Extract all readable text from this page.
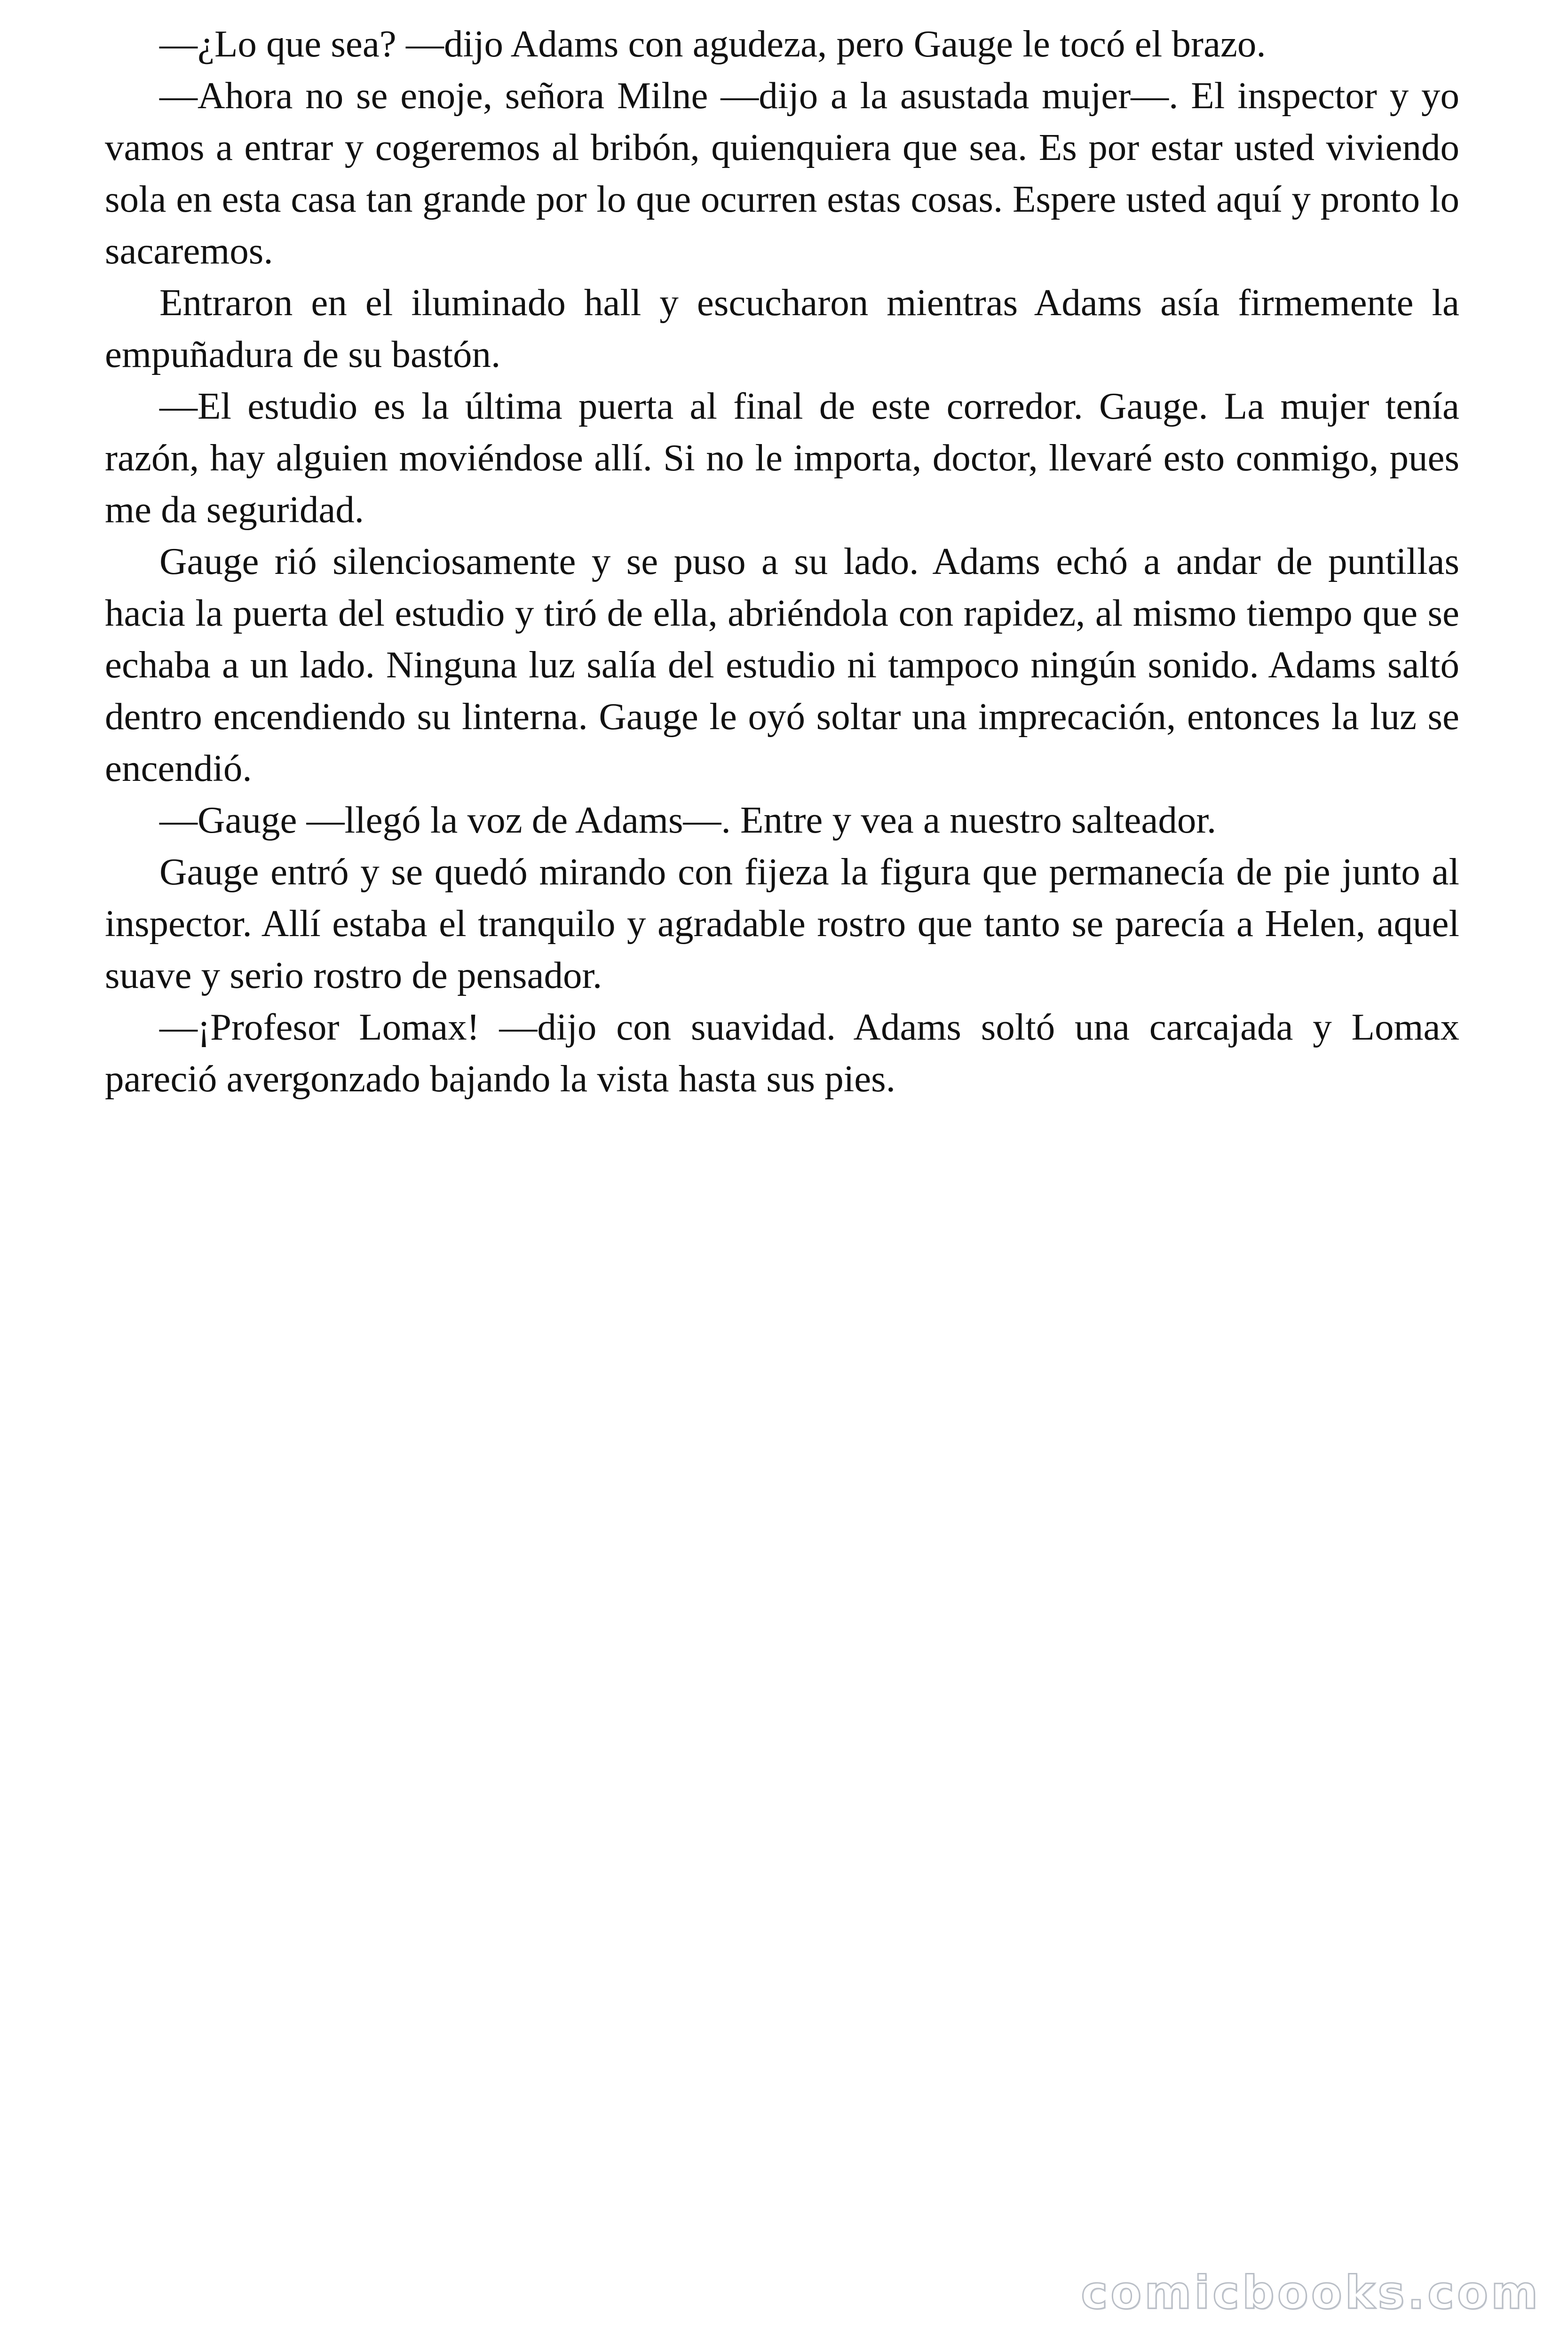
—¿Lo que sea? —dijo Adams con agudeza, pero Gauge le tocó el brazo.

—Ahora no se enoje, señora Milne —dijo a la asustada mujer—. El inspector y yo vamos a entrar y cogeremos al bribón, quienquiera que sea. Es por estar usted viviendo sola en esta casa tan grande por lo que ocurren estas cosas. Espere usted aquí y pronto lo sacaremos.

Entraron en el iluminado hall y escucharon mientras Adams asía firmemente la empuñadura de su bastón.

—El estudio es la última puerta al final de este corredor. Gauge. La mujer tenía razón, hay alguien moviéndose allí. Si no le importa, doctor, llevaré esto conmigo, pues me da seguridad.

Gauge rió silenciosamente y se puso a su lado. Adams echó a andar de puntillas hacia la puerta del estudio y tiró de ella, abriéndola con rapidez, al mismo tiempo que se echaba a un lado. Ninguna luz salía del estudio ni tampoco ningún sonido. Adams saltó dentro encendiendo su linterna. Gauge le oyó soltar una imprecación, entonces la luz se encendió.

—Gauge —llegó la voz de Adams—. Entre y vea a nuestro salteador.

Gauge entró y se quedó mirando con fijeza la figura que permanecía de pie junto al inspector. Allí estaba el tranquilo y agradable rostro que tanto se parecía a Helen, aquel suave y serio rostro de pensador.

—¡Profesor Lomax! —dijo con suavidad. Adams soltó una carcajada y Lomax pareció avergonzado bajando la vista hasta sus pies.

comicbooks.com
